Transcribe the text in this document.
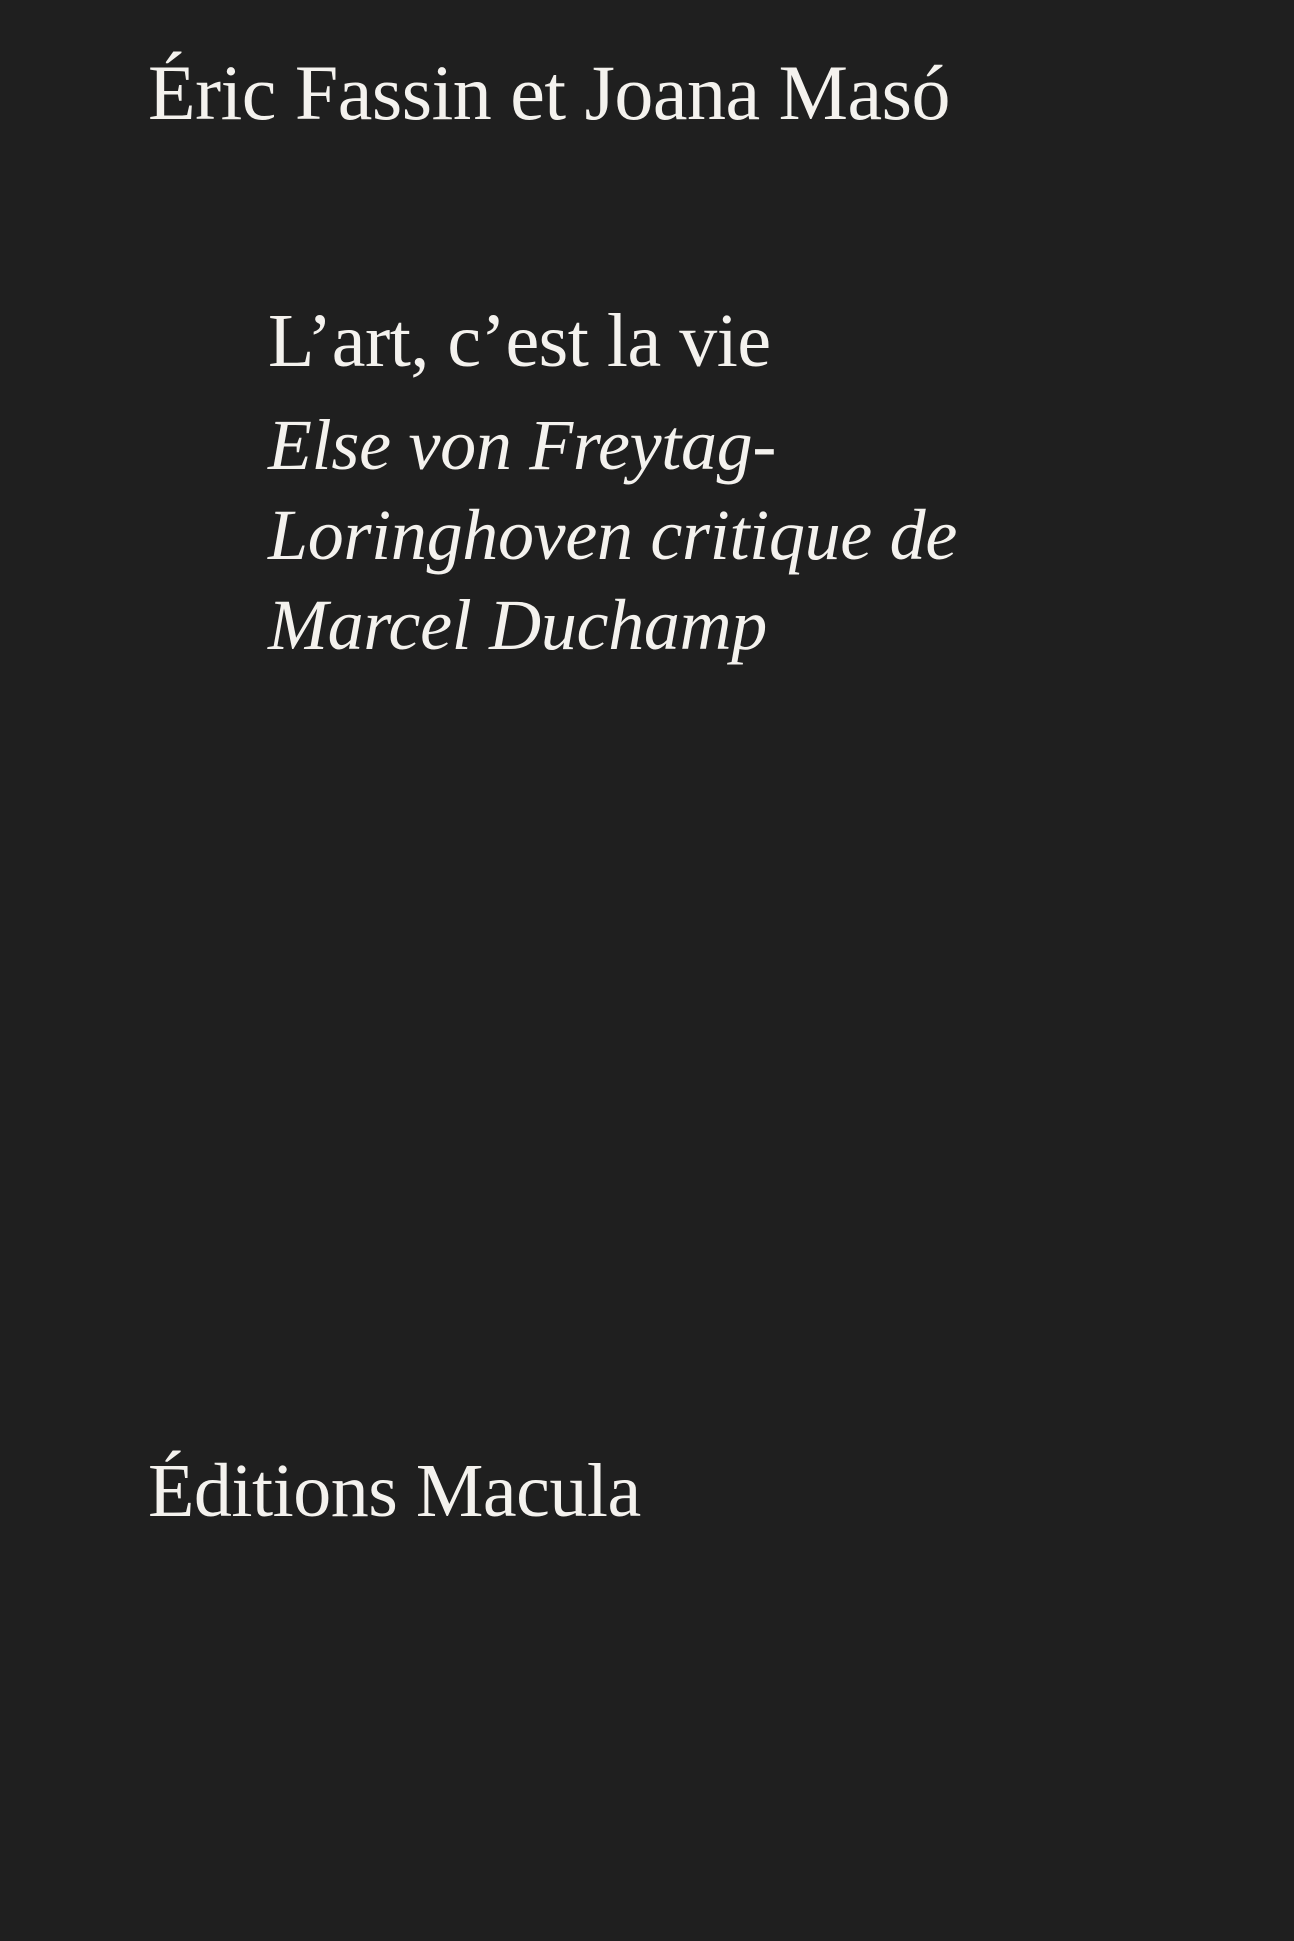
Éric Fassin et Joana Masó
L’art, c’est la vie
Else von Freytag-Loringhoven critique de Marcel Duchamp
Éditions Macula
